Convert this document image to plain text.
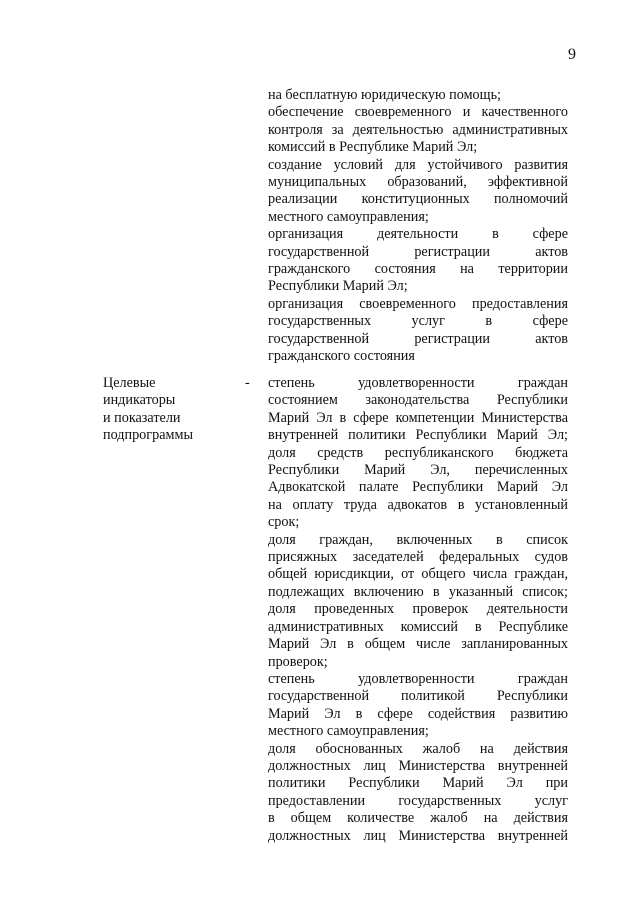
9
на бесплатную юридическую помощь;
обеспечение своевременного и качественного
контроля за деятельностью административных
комиссий в Республике Марий Эл;
создание условий для устойчивого развития
муниципальных образований, эффективной
реализации конституционных полномочий
местного самоуправления;
организация деятельности в сфере
государственной регистрации актов
гражданского состояния на территории
Республики Марий Эл;
организация своевременного предоставления
государственных услуг в сфере
государственной регистрации актов
гражданского состояния
Целевые
индикаторы
и показатели
подпрограммы
- степень удовлетворенности граждан
состоянием законодательства Республики
Марий Эл в сфере компетенции Министерства
внутренней политики Республики Марий Эл;
доля средств республиканского бюджета
Республики Марий Эл, перечисленных
Адвокатской палате Республики Марий Эл
на оплату труда адвокатов в установленный
срок;
доля граждан, включенных в список
присяжных заседателей федеральных судов
общей юрисдикции, от общего числа граждан,
подлежащих включению в указанный список;
доля проведенных проверок деятельности
административных комиссий в Республике
Марий Эл в общем числе запланированных
проверок;
степень удовлетворенности граждан
государственной политикой Республики
Марий Эл в сфере содействия развитию
местного самоуправления;
доля обоснованных жалоб на действия
должностных лиц Министерства внутренней
политики Республики Марий Эл при
предоставлении государственных услуг
в общем количестве жалоб на действия
должностных лиц Министерства внутренней
